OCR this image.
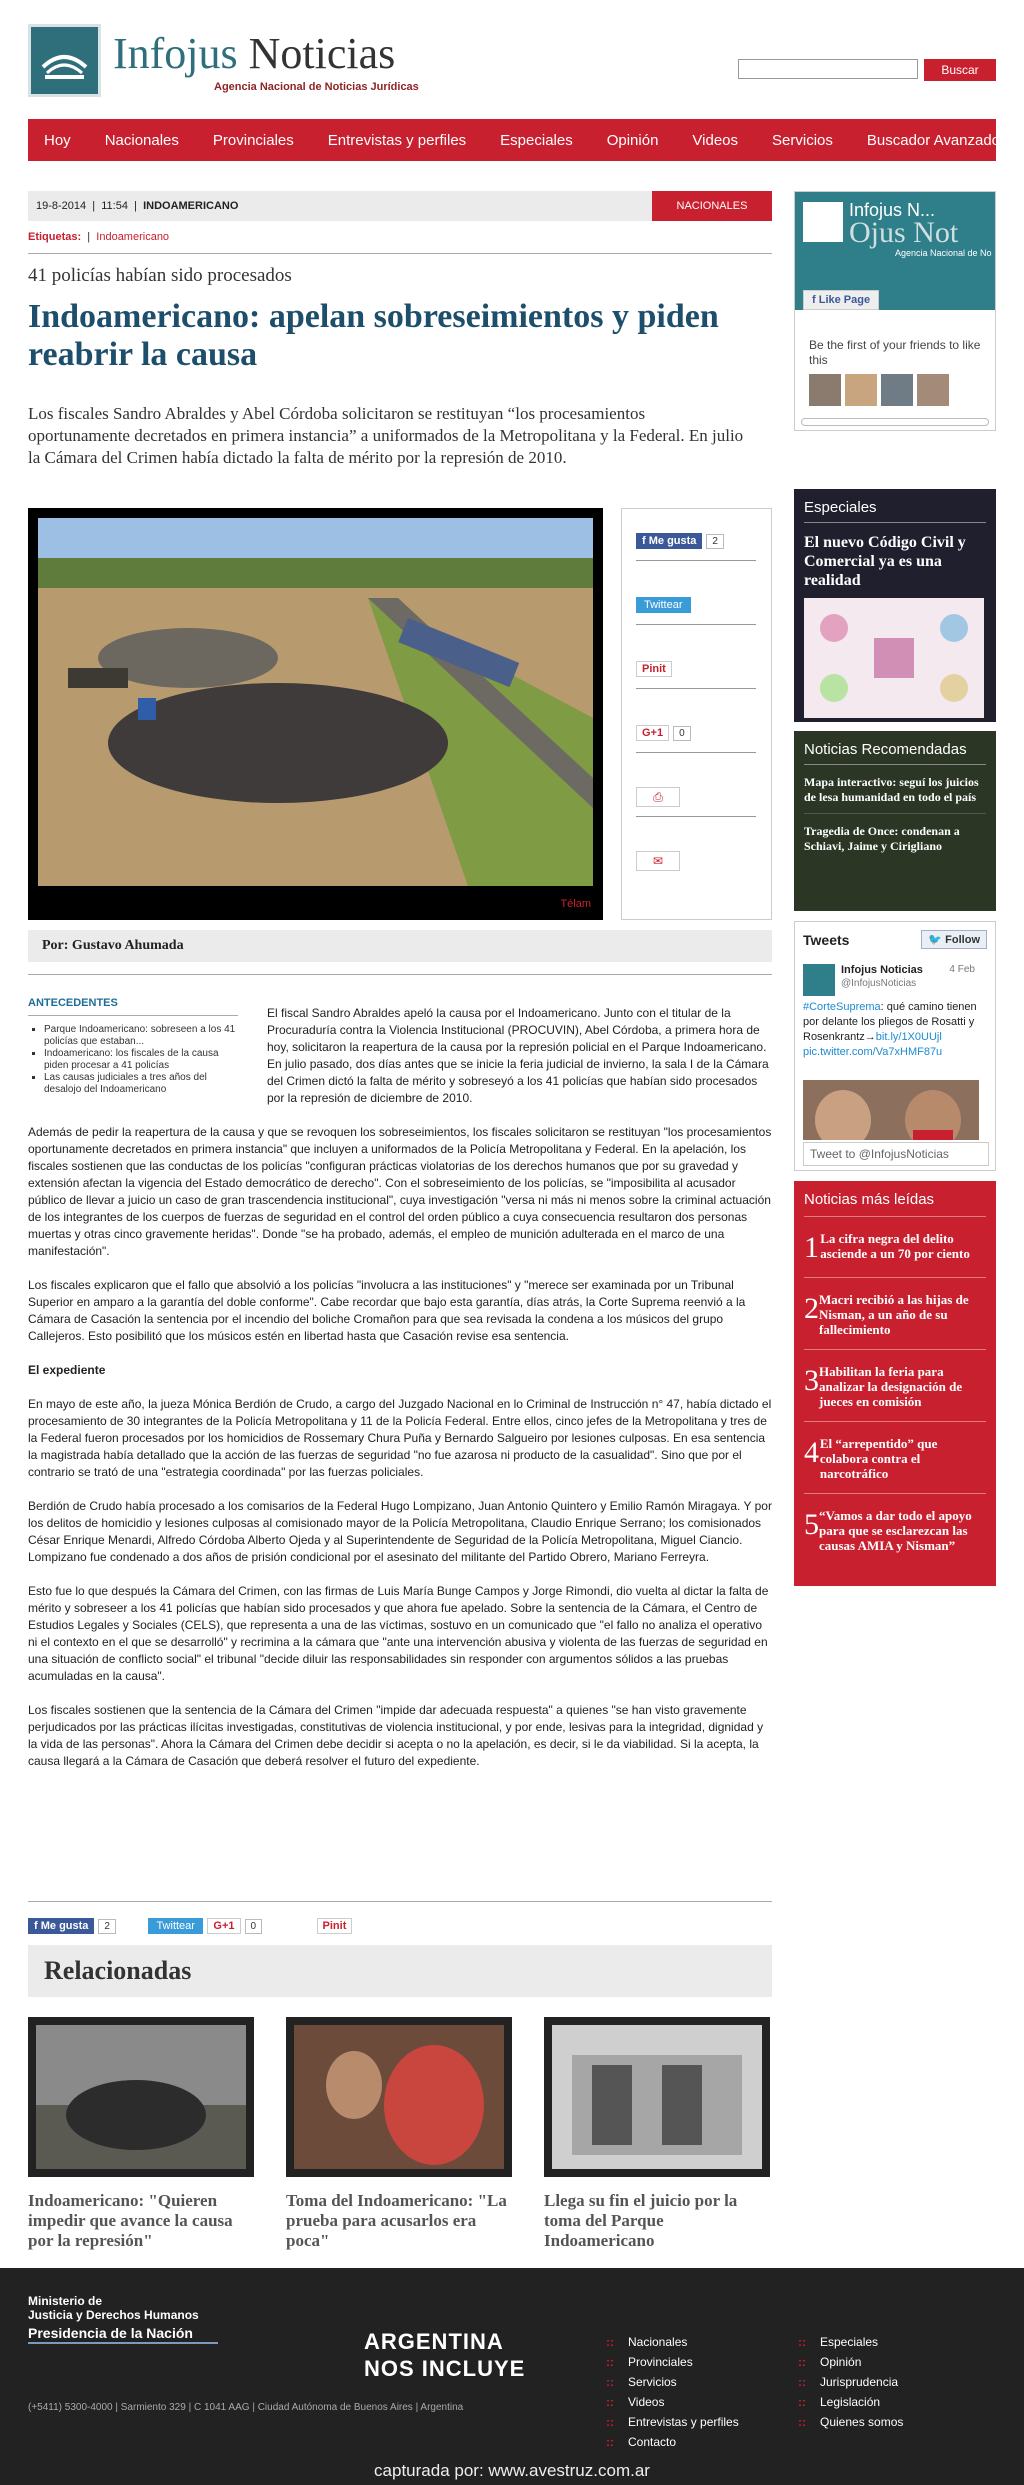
Infojus Noticias
Agencia Nacional de Noticias Jurídicas
Buscar
Hoy Nacionales Provinciales Entrevistas y perfiles Especiales Opinión Videos Servicios Buscador Avanzado
19-8-2014  |  11:54  |  INDOAMERICANO	NACIONALES
Etiquetas:  |  Indoamericano
41 policías habían sido procesados
Indoamericano: apelan sobreseimientos y piden reabrir la causa
Los fiscales Sandro Abraldes y Abel Córdoba solicitaron se restituyan “los procesamientos oportunamente decretados en primera instancia” a uniformados de la Metropolitana y la Federal. En julio la Cámara del Crimen había dictado la falta de mérito por la represión de 2010.
Télam
f Me gusta 2
Twittear
Pinit
G+1 0
⎙
✉
Por: Gustavo Ahumada

El fiscal Sandro Abraldes apeló la causa por el Indoamericano. Junto con el titular de la Procuraduría contra la Violencia Institucional (PROCUVIN), Abel Córdoba, a primera hora de hoy, solicitaron la reapertura de la causa por la represión policial en el Parque Indoamericano. En julio pasado, dos días antes que se inicie la feria judicial de invierno, la sala I de la Cámara del Crimen dictó la falta de mérito y sobreseyó a los 41 policías que habían sido procesados por la represión de diciembre de 2010.

Además de pedir la reapertura de la causa y que se revoquen los sobreseimientos, los fiscales solicitaron se restituyan "los procesamientos oportunamente decretados en primera instancia" que incluyen a uniformados de la Policía Metropolitana y Federal. En la apelación, los fiscales sostienen que las conductas de los policías "configuran prácticas violatorias de los derechos humanos que por su gravedad y extensión afectan la vigencia del Estado democrático de derecho". Con el sobreseimiento de los policías, se "imposibilita al acusador público de llevar a juicio un caso de gran trascendencia institucional", cuya investigación "versa ni más ni menos sobre la criminal actuación de los integrantes de los cuerpos de fuerzas de seguridad en el control del orden público a cuya consecuencia resultaron dos personas muertas y otras cinco gravemente heridas". Donde "se ha probado, además, el empleo de munición adulterada en el marco de una manifestación".

Los fiscales explicaron que el fallo que absolvió a los policías "involucra a las instituciones" y "merece ser examinada por un Tribunal Superior en amparo a la garantía del doble conforme". Cabe recordar que bajo esta garantía, días atrás, la Corte Suprema reenvió a la Cámara de Casación la sentencia por el incendio del boliche Cromañon para que sea revisada la condena a los músicos del grupo Callejeros. Esto posibilitó que los músicos estén en libertad hasta que Casación revise esa sentencia.

El expediente

En mayo de este año, la jueza Mónica Berdión de Crudo, a cargo del Juzgado Nacional en lo Criminal de Instrucción n° 47, había dictado el procesamiento de 30 integrantes de la Policía Metropolitana y 11 de la Policía Federal. Entre ellos, cinco jefes de la Metropolitana y tres de la Federal fueron procesados por los homicidios de Rossemary Chura Puña y Bernardo Salgueiro por lesiones culposas. En esa sentencia la magistrada había detallado que la acción de las fuerzas de seguridad "no fue azarosa ni producto de la casualidad". Sino que por el contrario se trató de una "estrategia coordinada" por las fuerzas policiales.

Berdión de Crudo había procesado a los comisarios de la Federal Hugo Lompizano, Juan Antonio Quintero y Emilio Ramón Miragaya. Y por los delitos de homicidio y lesiones culposas al comisionado mayor de la Policía Metropolitana, Claudio Enrique Serrano; los comisionados César Enrique Menardi, Alfredo Córdoba Alberto Ojeda y al Superintendente de Seguridad de la Policía Metropolitana, Miguel Ciancio. Lompizano fue condenado a dos años de prisión condicional por el asesinato del militante del Partido Obrero, Mariano Ferreyra.

Esto fue lo que después la Cámara del Crimen, con las firmas de Luis María Bunge Campos y Jorge Rimondi, dio vuelta al dictar la falta de mérito y sobreseer a los 41 policías que habían sido procesados y que ahora fue apelado. Sobre la sentencia de la Cámara, el Centro de Estudios Legales y Sociales (CELS), que representa a una de las víctimas, sostuvo en un comunicado que "el fallo no analiza el operativo ni el contexto en el que se desarrolló" y recrimina a la cámara que "ante una intervención abusiva y violenta de las fuerzas de seguridad en una situación de conflicto social" el tribunal "decide diluir las responsabilidades sin responder con argumentos sólidos a las pruebas acumuladas en la causa".

Los fiscales sostienen que la sentencia de la Cámara del Crimen "impide dar adecuada respuesta" a quienes "se han visto gravemente perjudicados por las prácticas ilícitas investigadas, constitutivas de violencia institucional, y por ende, lesivas para la integridad, dignidad y la vida de las personas". Ahora la Cámara del Crimen debe decidir si acepta o no la apelación, es decir, si le da viabilidad. Si la acepta, la causa llegará a la Cámara de Casación que deberá resolver el futuro del expediente.

ANTECEDENTES
▪ Parque Indoamericano: sobreseen a los 41 policías que estaban...
▪ Indoamericano: los fiscales de la causa piden procesar a 41 policías
▪ Las causas judiciales a tres años del desalojo del Indoamericano
f Me gusta 2	Twittear G+1 0	Pinit
Relacionadas
Indoamericano: "Quieren impedir que avance la causa por la represión"
Toma del Indoamericano: "La prueba para acusarlos era poca"
Llega su fin el juicio por la toma del Parque Indoamericano
Infojus N...
Ojus Not
Agencia Nacional de No
f Like Page
Be the first of your friends to like this
Especiales
El nuevo Código Civil y Comercial ya es una realidad
Noticias Recomendadas
Mapa interactivo: seguí los juicios de lesa humanidad en todo el país
Tragedia de Once: condenan a Schiavi, Jaime y Cirigliano
Tweets	🐦 Follow
Infojus Noticias
@InfojusNoticias
4 Feb
#CorteSuprema: qué camino tienen por delante los pliegos de Rosatti y Rosenkrantz→bit.ly/1X0UUjl pic.twitter.com/Va7xHMF87u
Tweet to @InfojusNoticias
Noticias más leídas
1 La cifra negra del delito asciende a un 70 por ciento
2 Macri recibió a las hijas de Nisman, a un año de su fallecimiento
3 Habilitan la feria para analizar la designación de jueces en comisión
4 El “arrepentido” que colabora contra el narcotráfico
5 “Vamos a dar todo el apoyo para que se esclarezcan las causas AMIA y Nisman”
Ministerio de
Justicia y Derechos Humanos
Presidencia de la Nación	ARGENTINA
NOS INCLUYE
(+5411) 5300-4000 | Sarmiento 329 | C 1041 AAG | Ciudad Autónoma de Buenos Aires | Argentina
:: Nacionales
:: Provinciales
:: Servicios
:: Videos
:: Entrevistas y perfiles
:: Contacto
:: Especiales
:: Opinión
:: Jurisprudencia
:: Legislación
:: Quienes somos
capturada por: www.avestruz.com.ar
